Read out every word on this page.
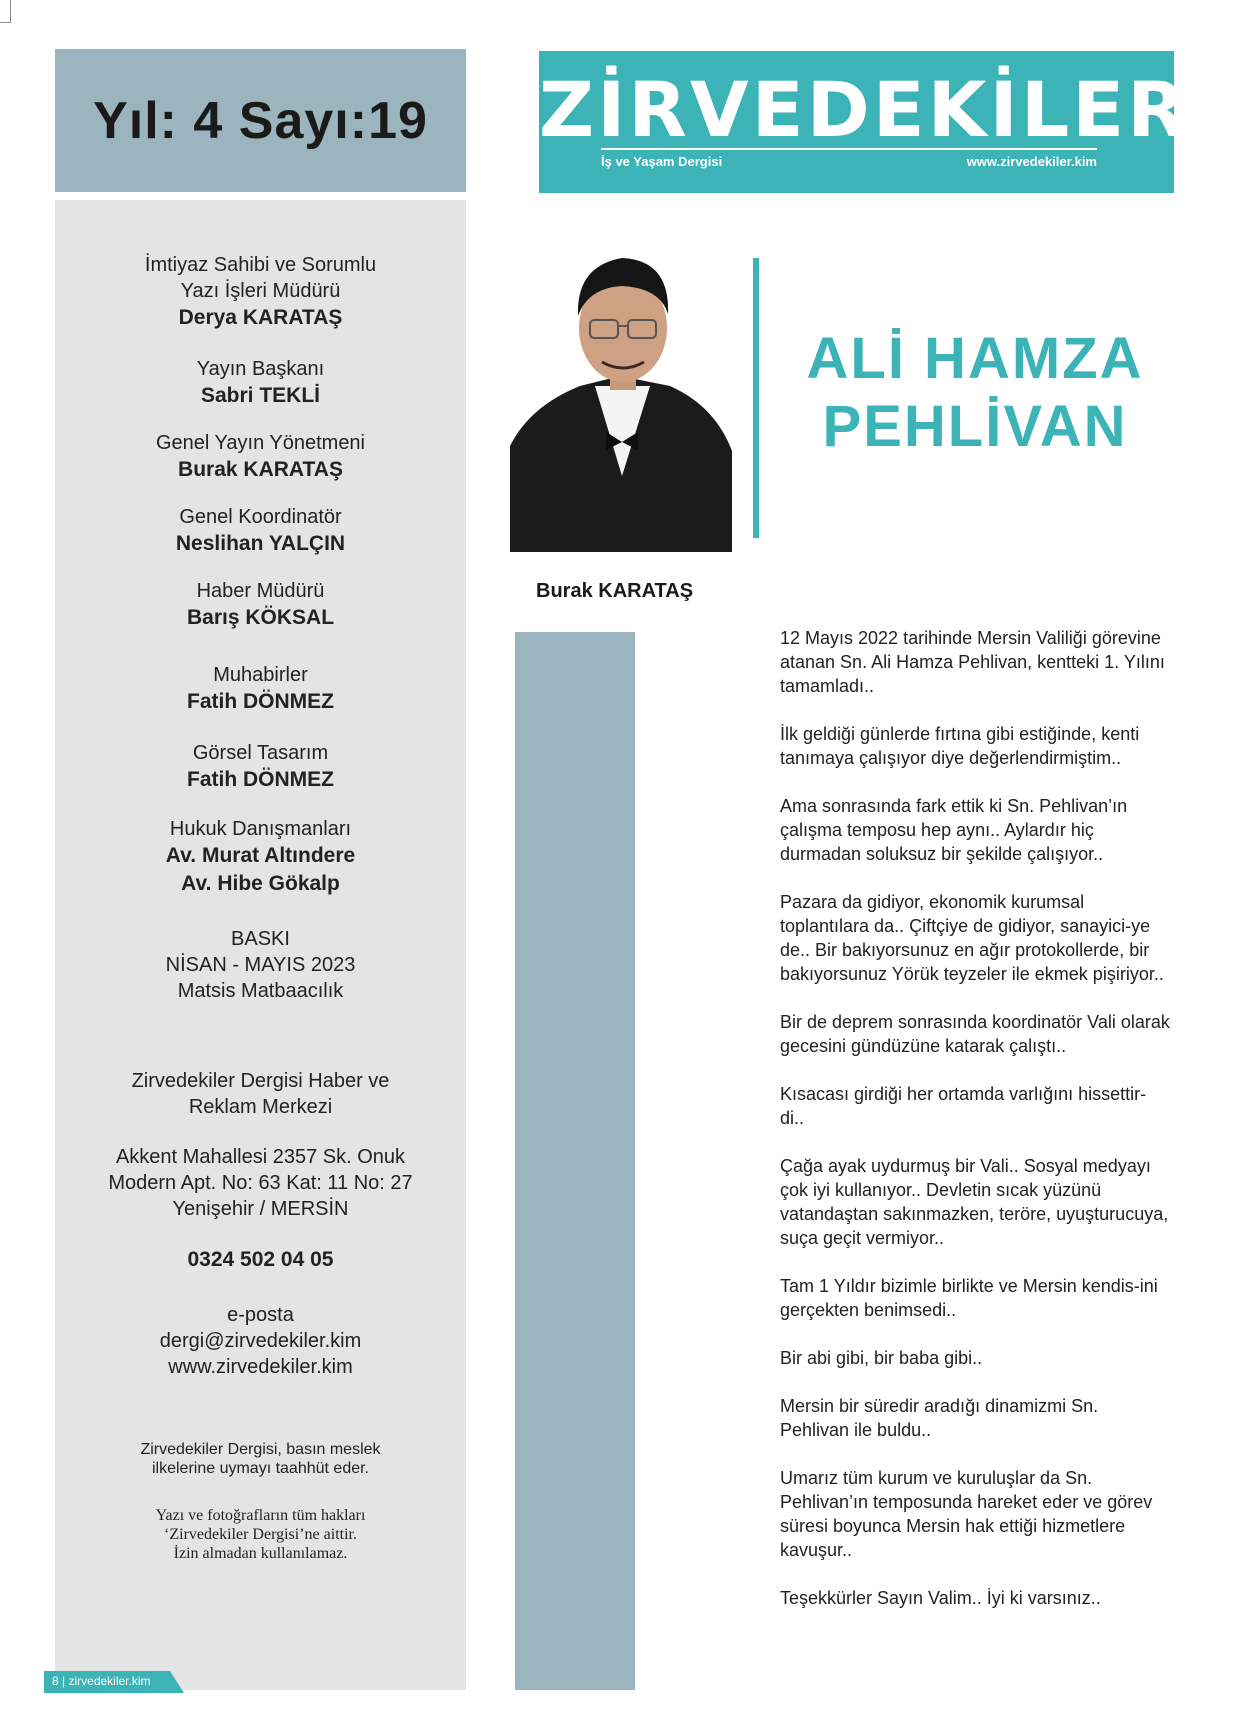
Yıl: 4 Sayı:19 ZİRVEDEKİLER
İş ve Yaşam Dergisi	www.zirvedekiler.kim

İmtiyaz Sahibi ve Sorumlu

Yazı İşleri Müdürü

Derya KARATAŞ

Yayın Başkanı

Sabri TEKLİ

Genel Yayın Yönetmeni

Burak KARATAŞ

Genel Koordinatör

Neslihan YALÇIN

Haber Müdürü

Barış KÖKSAL

Muhabirler

Fatih DÖNMEZ

Görsel Tasarım

Fatih DÖNMEZ

Hukuk Danışmanları

Av. Murat Altındere

Av. Hibe Gökalp

BASKI

NİSAN - MAYIS 2023

Matsis Matbaacılık

Zirvedekiler Dergisi Haber ve

Reklam Merkezi

Akkent Mahallesi 2357 Sk. Onuk

Modern Apt. No: 63 Kat: 11 No: 27

Yenişehir / MERSİN

0324 502 04 05

e-posta

dergi@zirvedekiler.kim

www.zirvedekiler.kim

Zirvedekiler Dergisi, basın meslek
ilkelerine uymayı taahhüt eder.
Yazı ve fotoğrafların tüm hakları
‘Zirvedekiler Dergisi’ne aittir.
İzin almadan kullanılamaz.
ALİ HAMZA
PEHLİVAN
Burak KARATAŞ

12 Mayıs 2022 tarihinde Mersin Valiliği görevine atanan Sn. Ali Hamza Pehlivan, kentteki 1. Yılını tamamladı..

İlk geldiği günlerde fırtına gibi estiğinde, kenti tanımaya çalışıyor diye değerlendirmiştim..

Ama sonrasında fark ettik ki Sn. Pehlivan’ın çalışma temposu hep aynı.. Aylardır hiç durmadan soluksuz bir şekilde çalışıyor..

Pazara da gidiyor, ekonomik kurumsal toplantılara da.. Çiftçiye de gidiyor, sanayici-ye de.. Bir bakıyorsunuz en ağır protokollerde, bir bakıyorsunuz Yörük teyzeler ile ekmek pişiriyor..

Bir de deprem sonrasında koordinatör Vali olarak gecesini gündüzüne katarak çalıştı..

Kısacası girdiği her ortamda varlığını hissettir-di..

Çağa ayak uydurmuş bir Vali.. Sosyal medyayı çok iyi kullanıyor.. Devletin sıcak yüzünü vatandaştan sakınmazken, teröre, uyuşturucuya, suça geçit vermiyor..

Tam 1 Yıldır bizimle birlikte ve Mersin kendis-ini gerçekten benimsedi..

Bir abi gibi, bir baba gibi..

Mersin bir süredir aradığı dinamizmi Sn. Pehlivan ile buldu..

Umarız tüm kurum ve kuruluşlar da Sn. Pehlivan’ın temposunda hareket eder ve görev süresi boyunca Mersin hak ettiği hizmetlere kavuşur..

Teşekkürler Sayın Valim.. İyi ki varsınız..

8 | zirvedekiler.kim
